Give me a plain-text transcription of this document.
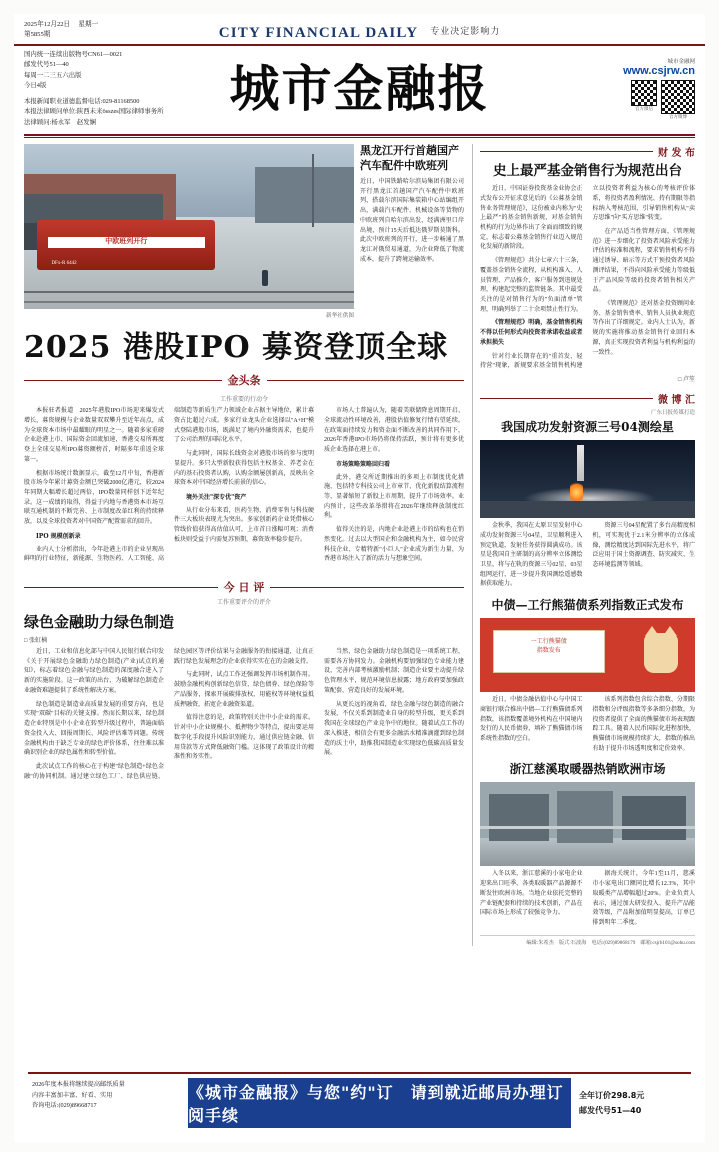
2025年12月22日 　星期一
第5855期	CITY FINANCIAL DAILY 专业决定影响力
国内统一连续出版物号CN61—0021
邮发代号51—40
每周一二三五六出版
今日4版
本报新闻职业道德监督电话:029-81168500
本报法律顾问单位:陕西未来összes国际律师事务所
法律顾问:杨永军　赵发娴
城市金融报	城市金融网
www.csjrw.cn
官方微信
官方微博
中欧班列开行
DFx-R 6442
新华社供图
黑龙江开行首趟国产汽车配件中欧班列

近日，中国铁路哈尔滨局集团有限公司开行黑龙江首趟国产汽车配件中欧班列，搭载尔滨国际集装箱中心站编组开出，满载汽车配件、机械设备等货物的中欧班列自哈尔滨出发，经满洲里口岸出境，预计15天后抵达俄罗斯莫斯科。此次中欧班列的开行，进一步畅通了黑龙江对俄贸易通道，为企业降低了物流成本，提升了跨境运输效率。

2025 港股IPO 募资登顶全球
金头条
工作重要的行动令

本报驻者报道　2025年港股IPO市场迎来爆发式增长，募资规模与企业数量双双攀升至近年高点，成为全球资本市场中最耀眼的明星之一。随着多家重磅企业赴港上市、国际资金回流加速，香港交易所再度登上全球交易所IPO募资额榜首，时隔多年重返全球第一。

根据市场统计数据显示，截至12月中旬，香港新股市场今年累计募资金额已突破2000亿港元，较2024年同期大幅增长超过两倍，IPO数量同样创下近年纪录。这一成绩的取得，得益于内地与香港资本市场互联互通机制的不断完善、上市制度改革红利的持续释放，以及全球投资者对中国资产配置需求的回升。

IPO 规模创新录

业内人士分析指出，今年赴港上市的企业呈现出鲜明的行业特征，新能源、生物医药、人工智能、高端制造等新质生产力领域企业占据主导地位，累计募资占比超过六成。多家行业龙头企业选择以"A+H"模式登陆港股市场，既满足了境内外融资需求，也提升了公司治理的国际化水平。

与此同时，国际长线资金对港股市场的参与度明显提升。多只大型新股获得包括主权基金、养老金在内的基石投资者认购，认购金额屡创新高，反映出全球资本对中国经济增长前景的信心。

境外关注"深专优"资产

从行业分布来看，医药生物、消费零售与科技硬件三大板块表现尤为突出。多家创新药企业凭借核心管线价值获得高估值认可，上市首日涨幅可观；消费板块则受益于内需复苏预期，募资效率稳步提升。

市场人士普遍认为，随着美联储降息周期开启、全球流动性环境改善，港股估值修复行情有望延续。在政策面持续发力和资金面不断改善的共同作用下，2026年香港IPO市场仍将保持活跃，预计将有更多优质企业选择在港上市。

市场策略策略回归看

此外，港交所近期推出的多项上市制度优化措施，包括特专科技公司上市章节、优化新股结算流程等，显著缩短了新股上市周期，提升了市场效率。业内预计，这些改革举措将在2026年继续释放制度红利。

值得关注的是，内地企业赴港上市的结构也在悄然变化。过去以大型国企和金融机构为主，如今民营科技企业、专精特新"小巨人"企业成为新生力量，为香港市场注入了新的活力与想象空间。

今 日 评
工作重要评介的评介
绿色金融助力绿色制造
□ 张虹楠

近日，工业和信息化部与中国人民银行联合印发《关于开展绿色金融助力绿色制造(产业)试点的通知》，标志着绿色金融与绿色制造的深度融合进入了新的实施阶段。这一政策的出台，为破解绿色制造企业融资难题提供了系统性解决方案。

绿色制造是制造业高质量发展的重要方向，也是实现"双碳"目标的关键支撑。然而长期以来，绿色制造企业特别是中小企业在转型升级过程中，普遍面临资金投入大、回报周期长、风险评估难等问题。传统金融机构由于缺乏专业的绿色评价体系，往往难以准确识别企业的绿色属性和转型价值。

此次试点工作的核心在于构建"绿色制造+绿色金融"的协同机制。通过建立绿色工厂、绿色供应链、绿色园区等评价结果与金融服务的衔接通道，让真正践行绿色发展理念的企业获得实实在在的金融支持。

与此同时，试点工作还强调发挥市场机制作用。鼓励金融机构创新绿色信贷、绿色债券、绿色保险等产品服务，探索开展碳排放权、用能权等环境权益抵质押融资，拓宽企业融资渠道。

值得注意的是，政策特别关注中小企业的需求。针对中小企业规模小、抵押物少等特点，提出要运用数字化手段提升风险识别能力，通过供应链金融、信用贷款等方式降低融资门槛。这体现了政策设计的精准性和务实性。

当然，绿色金融助力绿色制造是一项系统工程，需要各方协同发力。金融机构要加强绿色专业能力建设，完善内部考核激励机制；制造企业要主动提升绿色管理水平，规范环境信息披露；地方政府要加强政策配套，营造良好的发展环境。

从更长远的视角看，绿色金融与绿色制造的融合发展，不仅关系到制造业自身的转型升级，更关系到我国在全球绿色产业竞争中的地位。随着试点工作的深入推进，相信会有更多金融活水精准滴灌到绿色制造的沃土中，助推我国制造业实现绿色低碳高质量发展。

财 发 布
史上最严基金销售行为规范出台

近日，中国证券投资基金业协会正式发布公开征求意见后的《公募基金销售业务管理规范》，这份被业内称为"史上最严"的基金销售新规，对基金销售机构的行为边界作出了全面而细致的规定，标志着公募基金销售行业迈入规范化发展的新阶段。

《管理规范》共分七章六十三条，覆盖基金销售全流程，从机构准入、人员管理、产品推介、客户服务到违规处理，构建起完整的监管链条。其中最受关注的是对销售行为的"负面清单"管理，明确列举了二十余项禁止性行为。

《管理规范》明确，基金销售机构不得以任何形式向投资者承诺收益或者承担损失

针对行业长期存在的"重首发、轻持营"现象，新规要求基金销售机构建立以投资者利益为核心的考核评价体系，将投资者盈利情况、持有期限等指标纳入考核范围，引导销售机构从"卖方思维"向"买方思维"转变。

在产品适当性管理方面，《管理规范》进一步细化了投资者风险承受能力评估的标准和流程，要求销售机构不得通过诱导、暗示等方式干预投资者风险测评结果，不得向风险承受能力等级低于产品风险等级的投资者销售相关产品。

《管理规范》还对基金投资顾问业务、基金销售费率、销售人员执业规范等作出了详细规定。业内人士认为，新规的实施将推动基金销售行业回归本源，真正实现投资者利益与机构利益的一致性。

□ 卢笙
微 博 汇
广东日报传媒打造
我国成功发射资源三号04测绘星

金秋季，我国在太原卫星发射中心成功发射资源三号04星，卫星顺利进入预定轨道，发射任务获得圆满成功。该星是我国自主研制的高分辨率立体测绘卫星，将与在轨的资源三号02星、03星组网运行，进一步提升我国测绘遥感数据获取能力。

资源三号04星配置了多台高精度相机，可实现优于2.1米分辨率的立体成像，测绘精度达到国际先进水平，将广泛应用于国土资源调查、防灾减灾、生态环境监测等领域。

中债—工行熊猫债系列指数正式发布
一工行熊猫债
指数发布

近日，中债金融估值中心与中国工商银行联合推出中债—工行熊猫债系列指数，该指数覆盖境外机构在中国境内发行的人民币债券，填补了熊猫债市场系统性指数的空白。

该系列指数包含综合指数、分期限指数和分评级指数等多条细分指数，为投资者提供了全面的熊猫债市场表现跟踪工具。随着人民币国际化进程加快，熊猫债市场规模持续扩大，指数的推出有助于提升市场透明度和定价效率。

浙江慈溪取暖器热销欧洲市场

入冬以来，浙江慈溪的小家电企业迎来出口旺季，各类取暖器产品源源不断发往欧洲市场。当地企业依托完整的产业链配套和持续的技术创新，产品在国际市场上形成了较强竞争力。

据海关统计，今年1至11月，慈溪市小家电出口额同比增长12.3%，其中取暖类产品增幅超过20%。企业负责人表示，通过加大研发投入、提升产品能效等级，产品附加值明显提高，订单已排到明年二季度。

编辑:朱希杰　版式:石波海　电话:(029)89868179　邮箱:csjrb101@sohu.com
2026年度本报将继续提高邮纸质量
内容丰富加丰富、好看、实用
咨询电话:(029)89668717
《城市金融报》与您"约"订　请到就近邮局办理订阅手续
全年订价298.8元
邮发代号51—40
